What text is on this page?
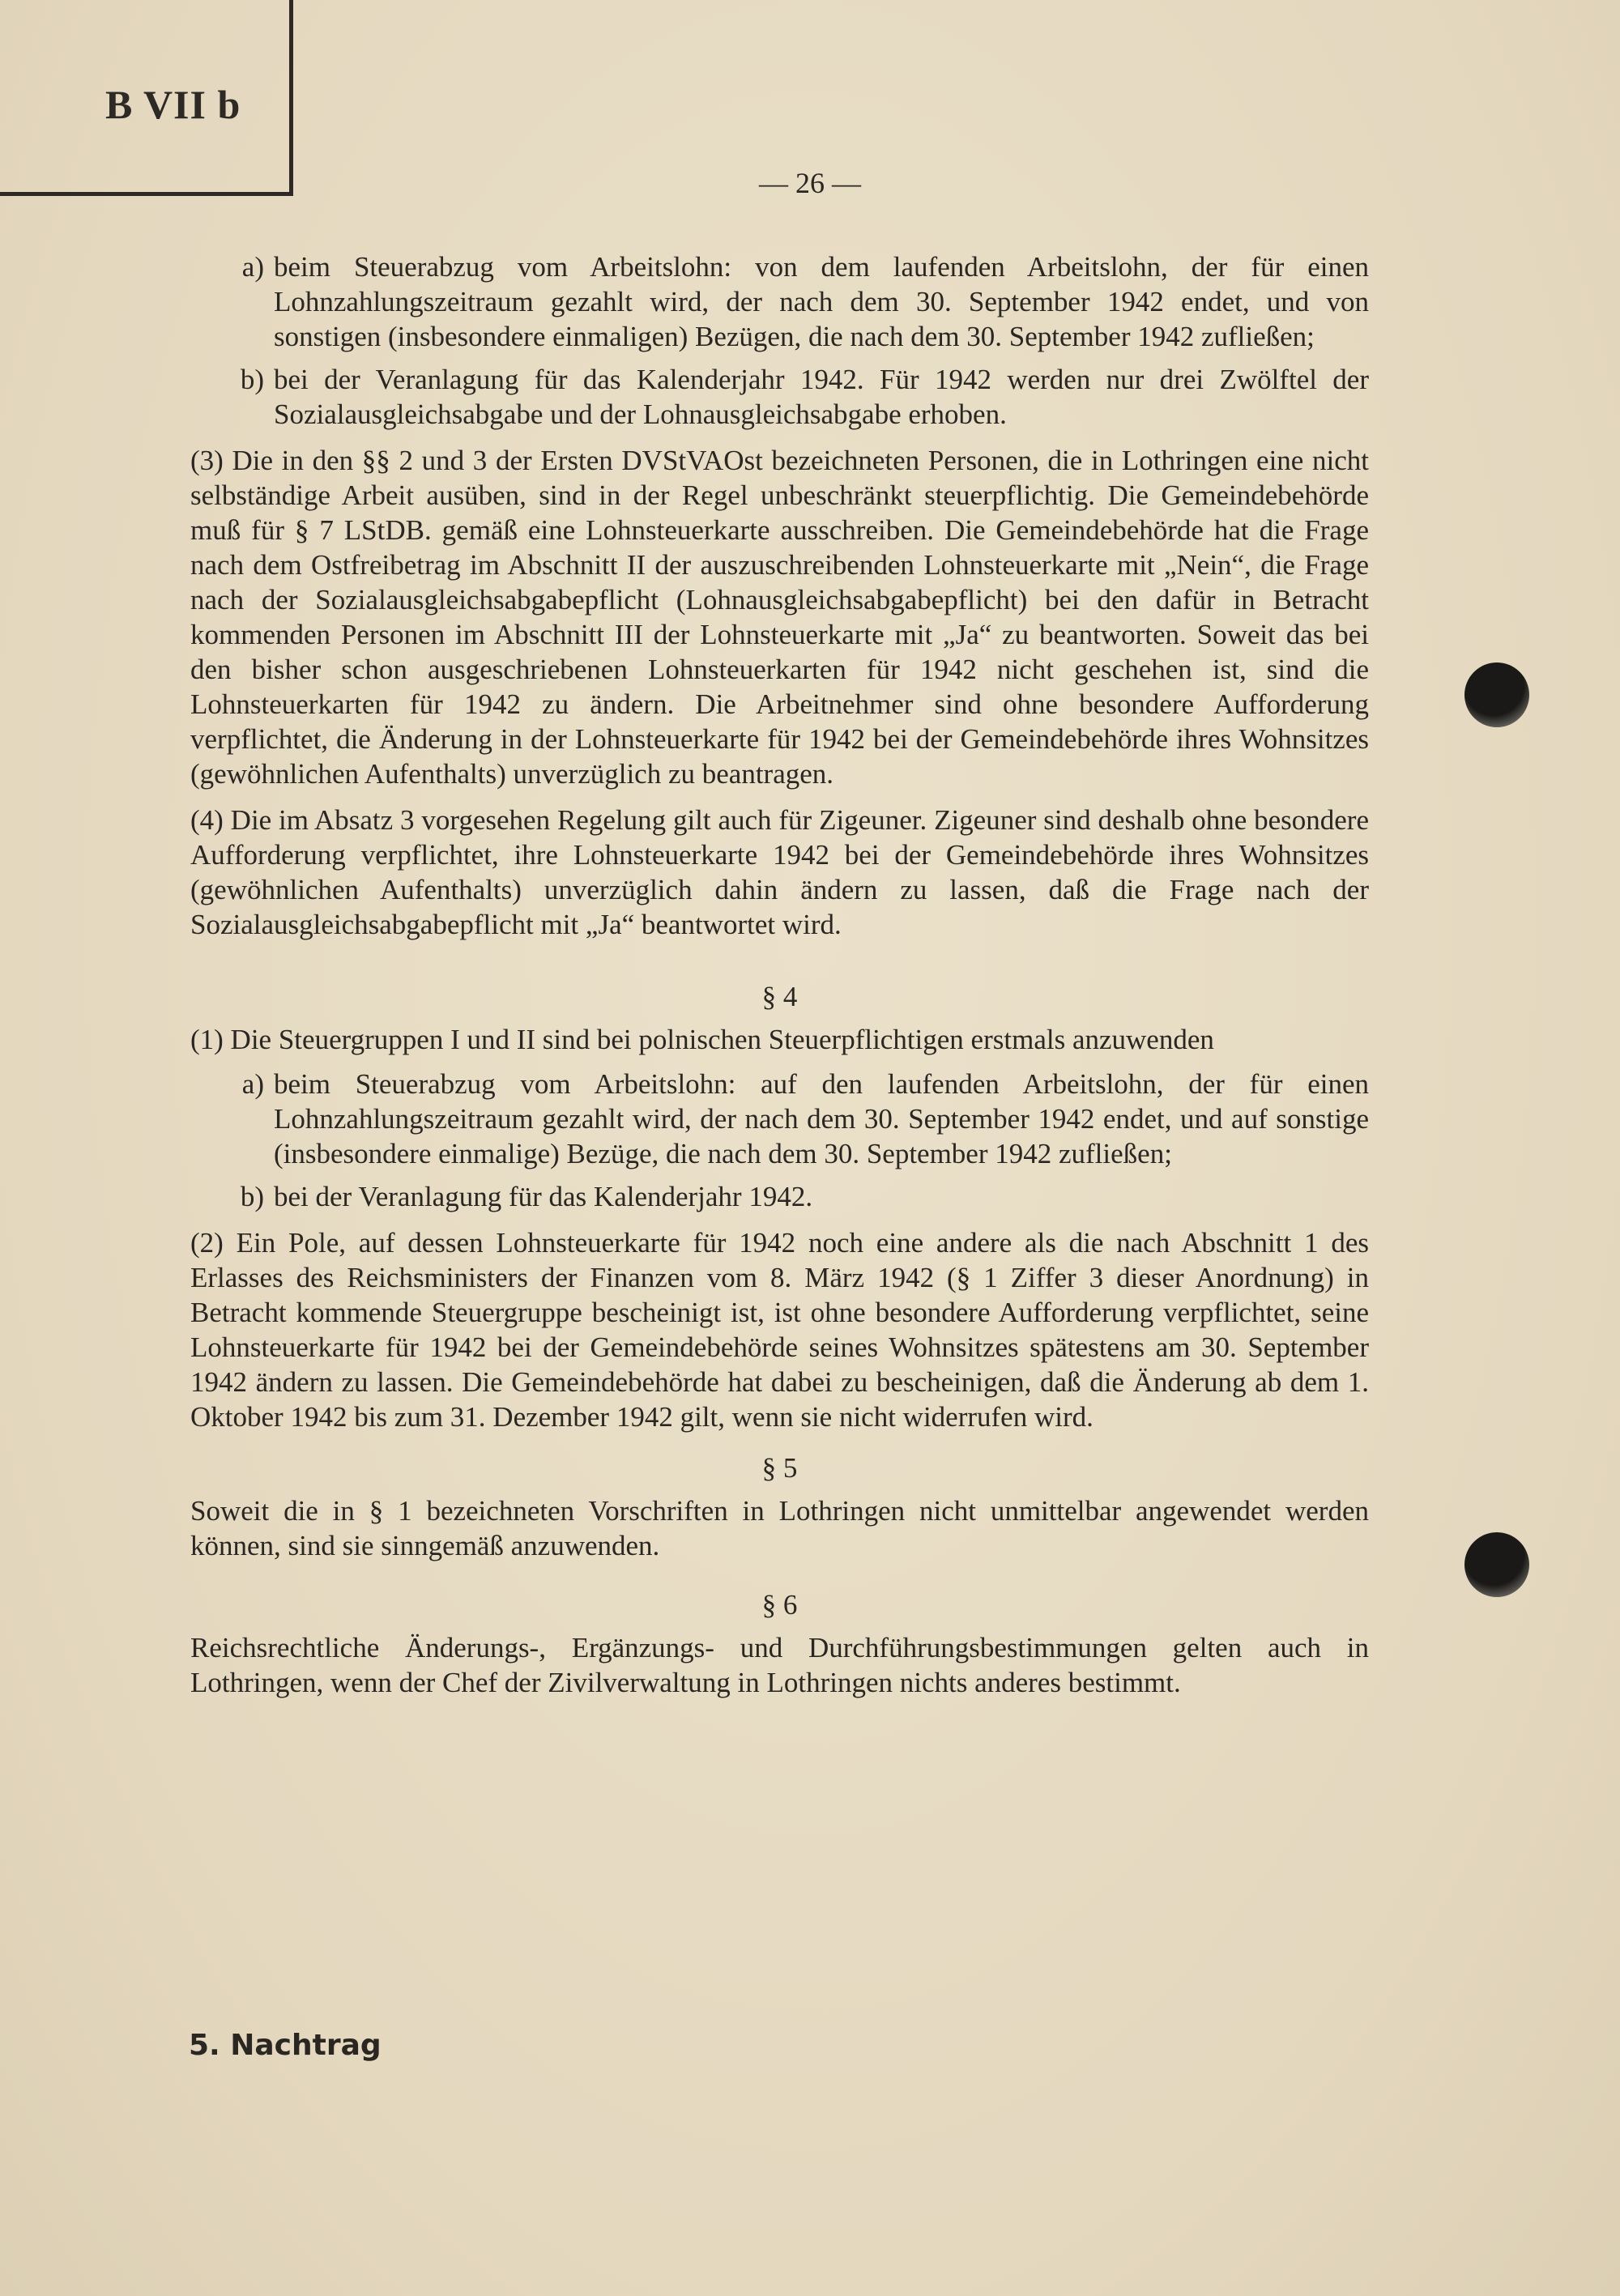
B VII b
— 26 —
a) beim Steuerabzug vom Arbeitslohn: von dem laufenden Arbeitslohn, der für einen Lohnzahlungszeitraum gezahlt wird, der nach dem 30. September 1942 endet, und von sonstigen (insbesondere einmaligen) Bezügen, die nach dem 30. September 1942 zufließen;
b) bei der Veranlagung für das Kalenderjahr 1942. Für 1942 werden nur drei Zwölftel der Sozialausgleichsabgabe und der Lohnausgleichsabgabe erhoben.

(3) Die in den §§ 2 und 3 der Ersten DVStVAOst bezeichneten Personen, die in Lothringen eine nicht selbständige Arbeit ausüben, sind in der Regel unbeschränkt steuerpflichtig. Die Gemeindebehörde muß für § 7 LStDB. gemäß eine Lohnsteuerkarte ausschreiben. Die Gemeindebehörde hat die Frage nach dem Ostfreibetrag im Abschnitt II der auszuschreibenden Lohnsteuerkarte mit „Nein“, die Frage nach der Sozialausgleichsabgabepflicht (Lohnausgleichsabgabepflicht) bei den dafür in Betracht kommenden Personen im Abschnitt III der Lohnsteuerkarte mit „Ja“ zu beantworten. Soweit das bei den bisher schon ausgeschriebenen Lohnsteuerkarten für 1942 nicht geschehen ist, sind die Lohnsteuerkarten für 1942 zu ändern. Die Arbeitnehmer sind ohne besondere Aufforderung verpflichtet, die Änderung in der Lohnsteuerkarte für 1942 bei der Gemeindebehörde ihres Wohnsitzes (gewöhnlichen Aufenthalts) unverzüglich zu beantragen.

(4) Die im Absatz 3 vorgesehen Regelung gilt auch für Zigeuner. Zigeuner sind deshalb ohne besondere Aufforderung verpflichtet, ihre Lohnsteuerkarte 1942 bei der Gemeindebehörde ihres Wohnsitzes (gewöhnlichen Aufenthalts) unverzüglich dahin ändern zu lassen, daß die Frage nach der Sozialausgleichsabgabepflicht mit „Ja“ beantwortet wird.

§ 4

(1) Die Steuergruppen I und II sind bei polnischen Steuerpflichtigen erstmals anzuwenden

a) beim Steuerabzug vom Arbeitslohn: auf den laufenden Arbeitslohn, der für einen Lohnzahlungszeitraum gezahlt wird, der nach dem 30. September 1942 endet, und auf sonstige (insbesondere einmalige) Bezüge, die nach dem 30. September 1942 zufließen;
b) bei der Veranlagung für das Kalenderjahr 1942.

(2) Ein Pole, auf dessen Lohnsteuerkarte für 1942 noch eine andere als die nach Abschnitt 1 des Erlasses des Reichsministers der Finanzen vom 8. März 1942 (§ 1 Ziffer 3 dieser Anordnung) in Betracht kommende Steuergruppe bescheinigt ist, ist ohne besondere Aufforderung verpflichtet, seine Lohnsteuerkarte für 1942 bei der Gemeindebehörde seines Wohnsitzes spätestens am 30. September 1942 ändern zu lassen. Die Gemeindebehörde hat dabei zu bescheinigen, daß die Änderung ab dem 1. Oktober 1942 bis zum 31. Dezember 1942 gilt, wenn sie nicht widerrufen wird.

§ 5

Soweit die in § 1 bezeichneten Vorschriften in Lothringen nicht unmittelbar angewendet werden können, sind sie sinngemäß anzuwenden.

§ 6

Reichsrechtliche Änderungs-, Ergänzungs- und Durchführungsbestimmungen gelten auch in Lothringen, wenn der Chef der Zivilverwaltung in Lothringen nichts anderes bestimmt.

5. Nachtrag
